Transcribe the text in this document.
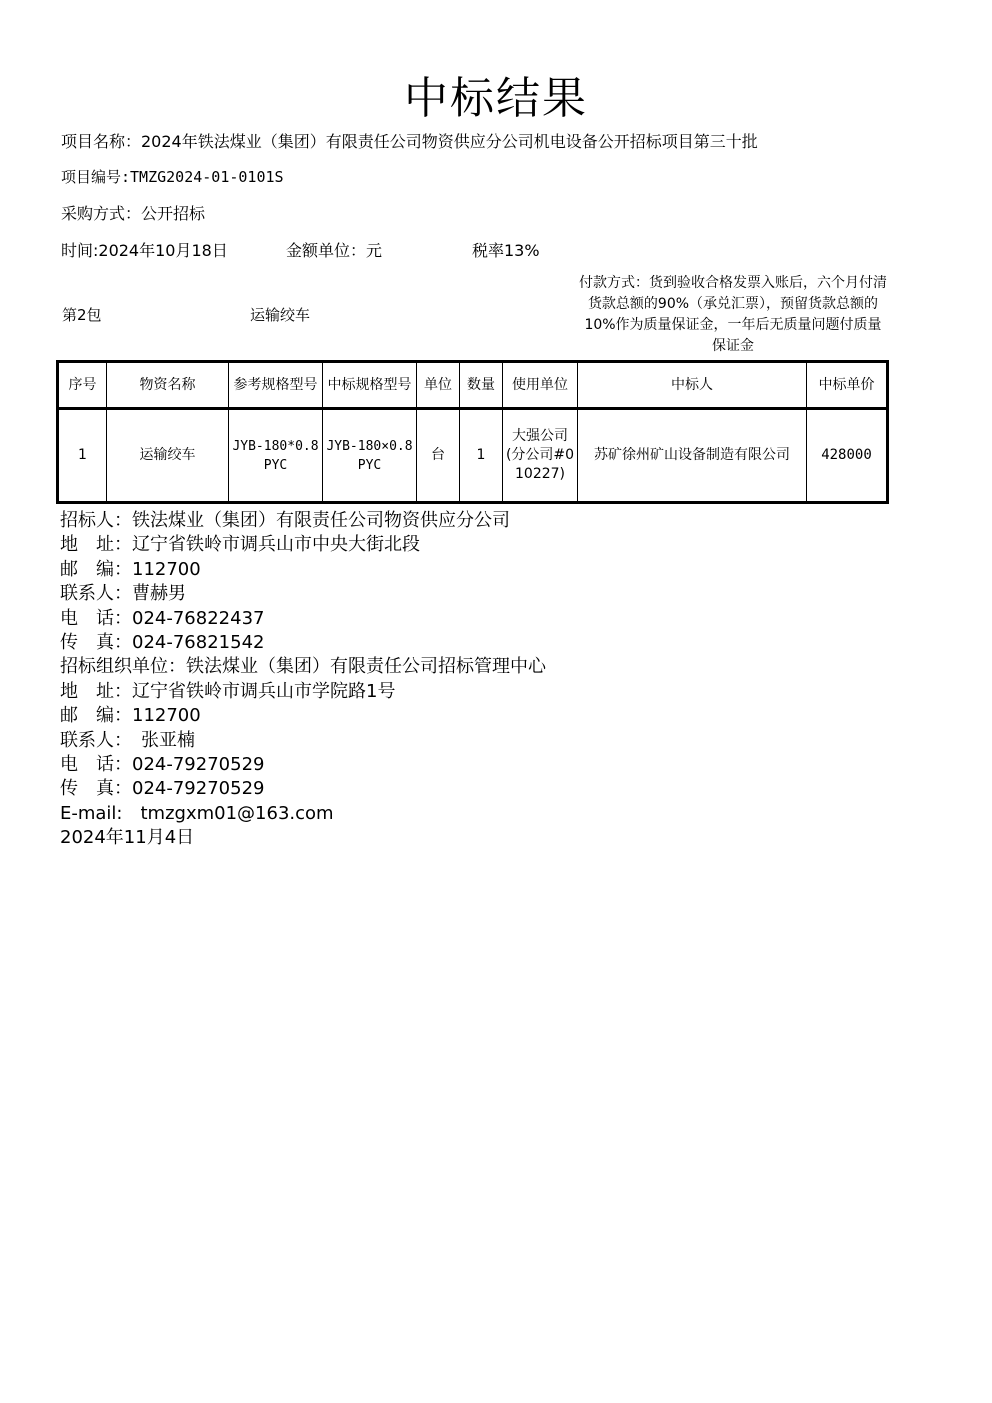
中标结果
项目名称：2024年铁法煤业（集团）有限责任公司物资供应分公司机电设备公开招标项目第三十批
项目编号:TMZG2024-01-0101S
采购方式：公开招标
时间:2024年10月18日	金额单位：元	税率13%
付款方式：货到验收合格发票入账后，六个月付清货款总额的90%（承兑汇票），预留货款总额的10%作为质量保证金，一年后无质量问题付质量保证金
第2包	运输绞车
序号	物资名称	参考规格型号	中标规格型号	单位	数量	使用单位	中标人	中标单价
1	运输绞车	JYB-180*0.8PYC	JYB-180×0.8PYC	台	1	大强公司(分公司#010227)	苏矿徐州矿山设备制造有限公司	428000
招标人：铁法煤业（集团）有限责任公司物资供应分公司
地　址：辽宁省铁岭市调兵山市中央大街北段
邮　编：112700
联系人：曹赫男
电　话：024-76822437
传　真：024-76821542
招标组织单位：铁法煤业（集团）有限责任公司招标管理中心
地　址：辽宁省铁岭市调兵山市学院路1号
邮　编：112700
联系人：　张亚楠
电　话：024-79270529
传　真：024-79270529
E-mail:　tmzgxm01@163.com
2024年11月4日
